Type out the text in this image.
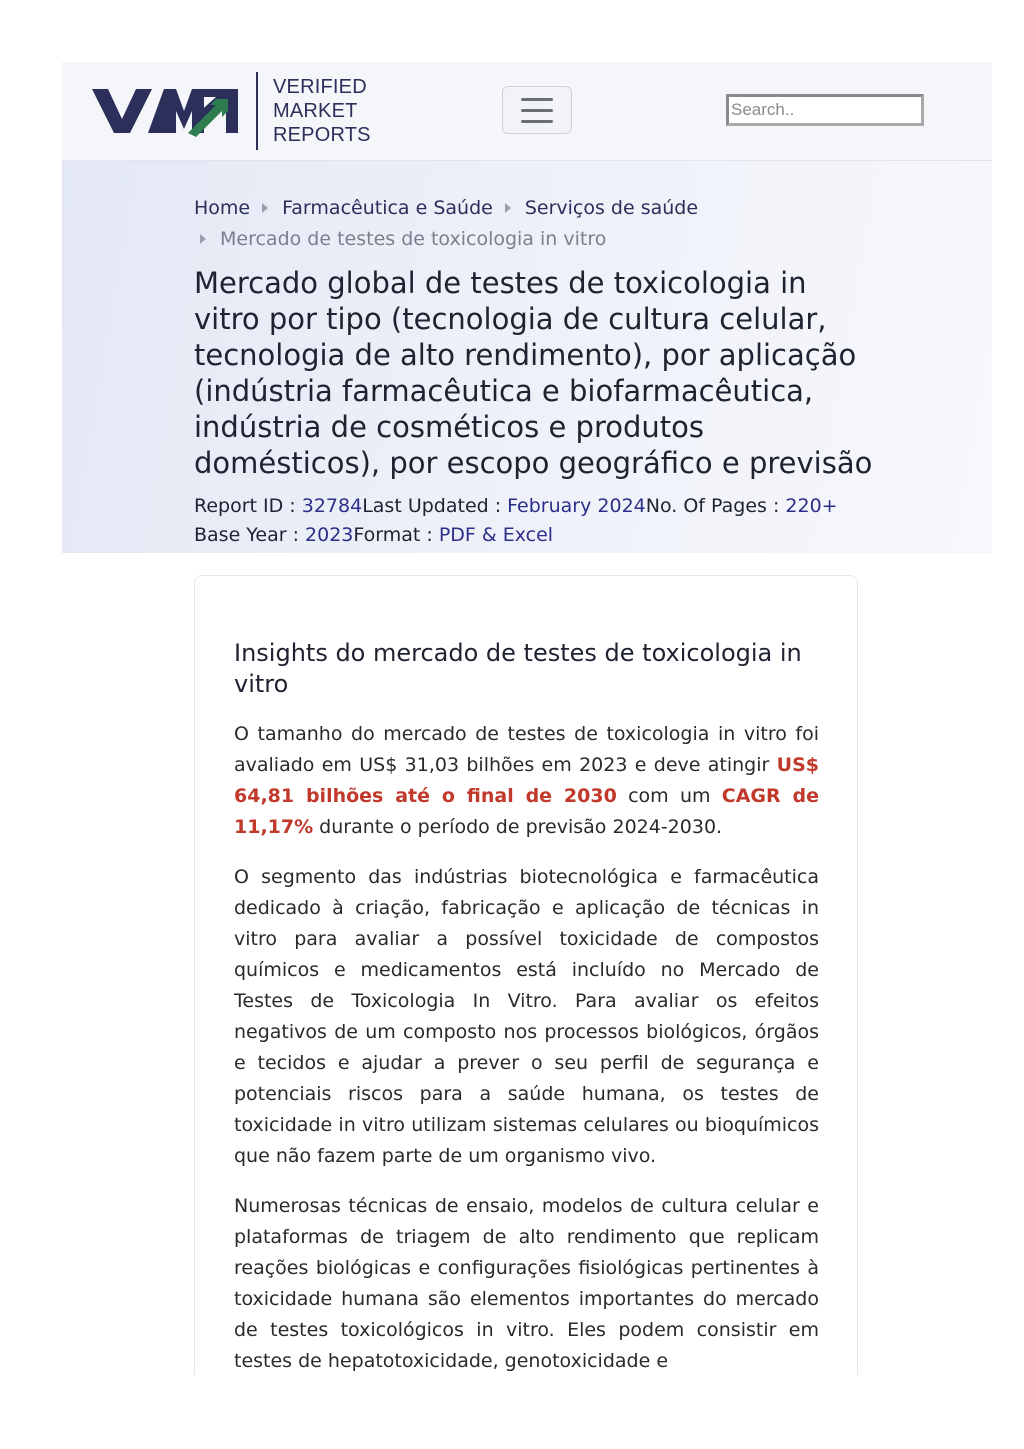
VERIFIED
MARKET
REPORTS
Search..
Home Farmacêutica e Saúde Serviços de saúde
Mercado de testes de toxicologia in vitro
Mercado global de testes de toxicologia in vitro por tipo (tecnologia de cultura celular, tecnologia de alto rendimento), por aplicação (indústria farmacêutica e biofarmacêutica, indústria de cosméticos e produtos domésticos), por escopo geográfico e previsão
Report ID : 32784Last Updated : February 2024No. Of Pages : 220+
Base Year : 2023Format : PDF & Excel
Insights do mercado de testes de toxicologia in vitro

O tamanho do mercado de testes de toxicologia in vitro foi avaliado em US$ 31,03 bilhões em 2023 e deve atingir US$ 64,81 bilhões até o final de 2030 com um CAGR de 11,17% durante o período de previsão 2024-2030.

O segmento das indústrias biotecnológica e farmacêutica dedicado à criação, fabricação e aplicação de técnicas in vitro para avaliar a possível toxicidade de compostos químicos e medicamentos está incluído no Mercado de Testes de Toxicologia In Vitro. Para avaliar os efeitos negativos de um composto nos processos biológicos, órgãos e tecidos e ajudar a prever o seu perfil de segurança e potenciais riscos para a saúde humana, os testes de toxicidade in vitro utilizam sistemas celulares ou bioquímicos que não fazem parte de um organismo vivo.

Numerosas técnicas de ensaio, modelos de cultura celular e plataformas de triagem de alto rendimento que replicam reações biológicas e configurações fisiológicas pertinentes à toxicidade humana são elementos importantes do mercado de testes toxicológicos in vitro. Eles podem consistir em testes de hepatotoxicidade, genotoxicidade e
